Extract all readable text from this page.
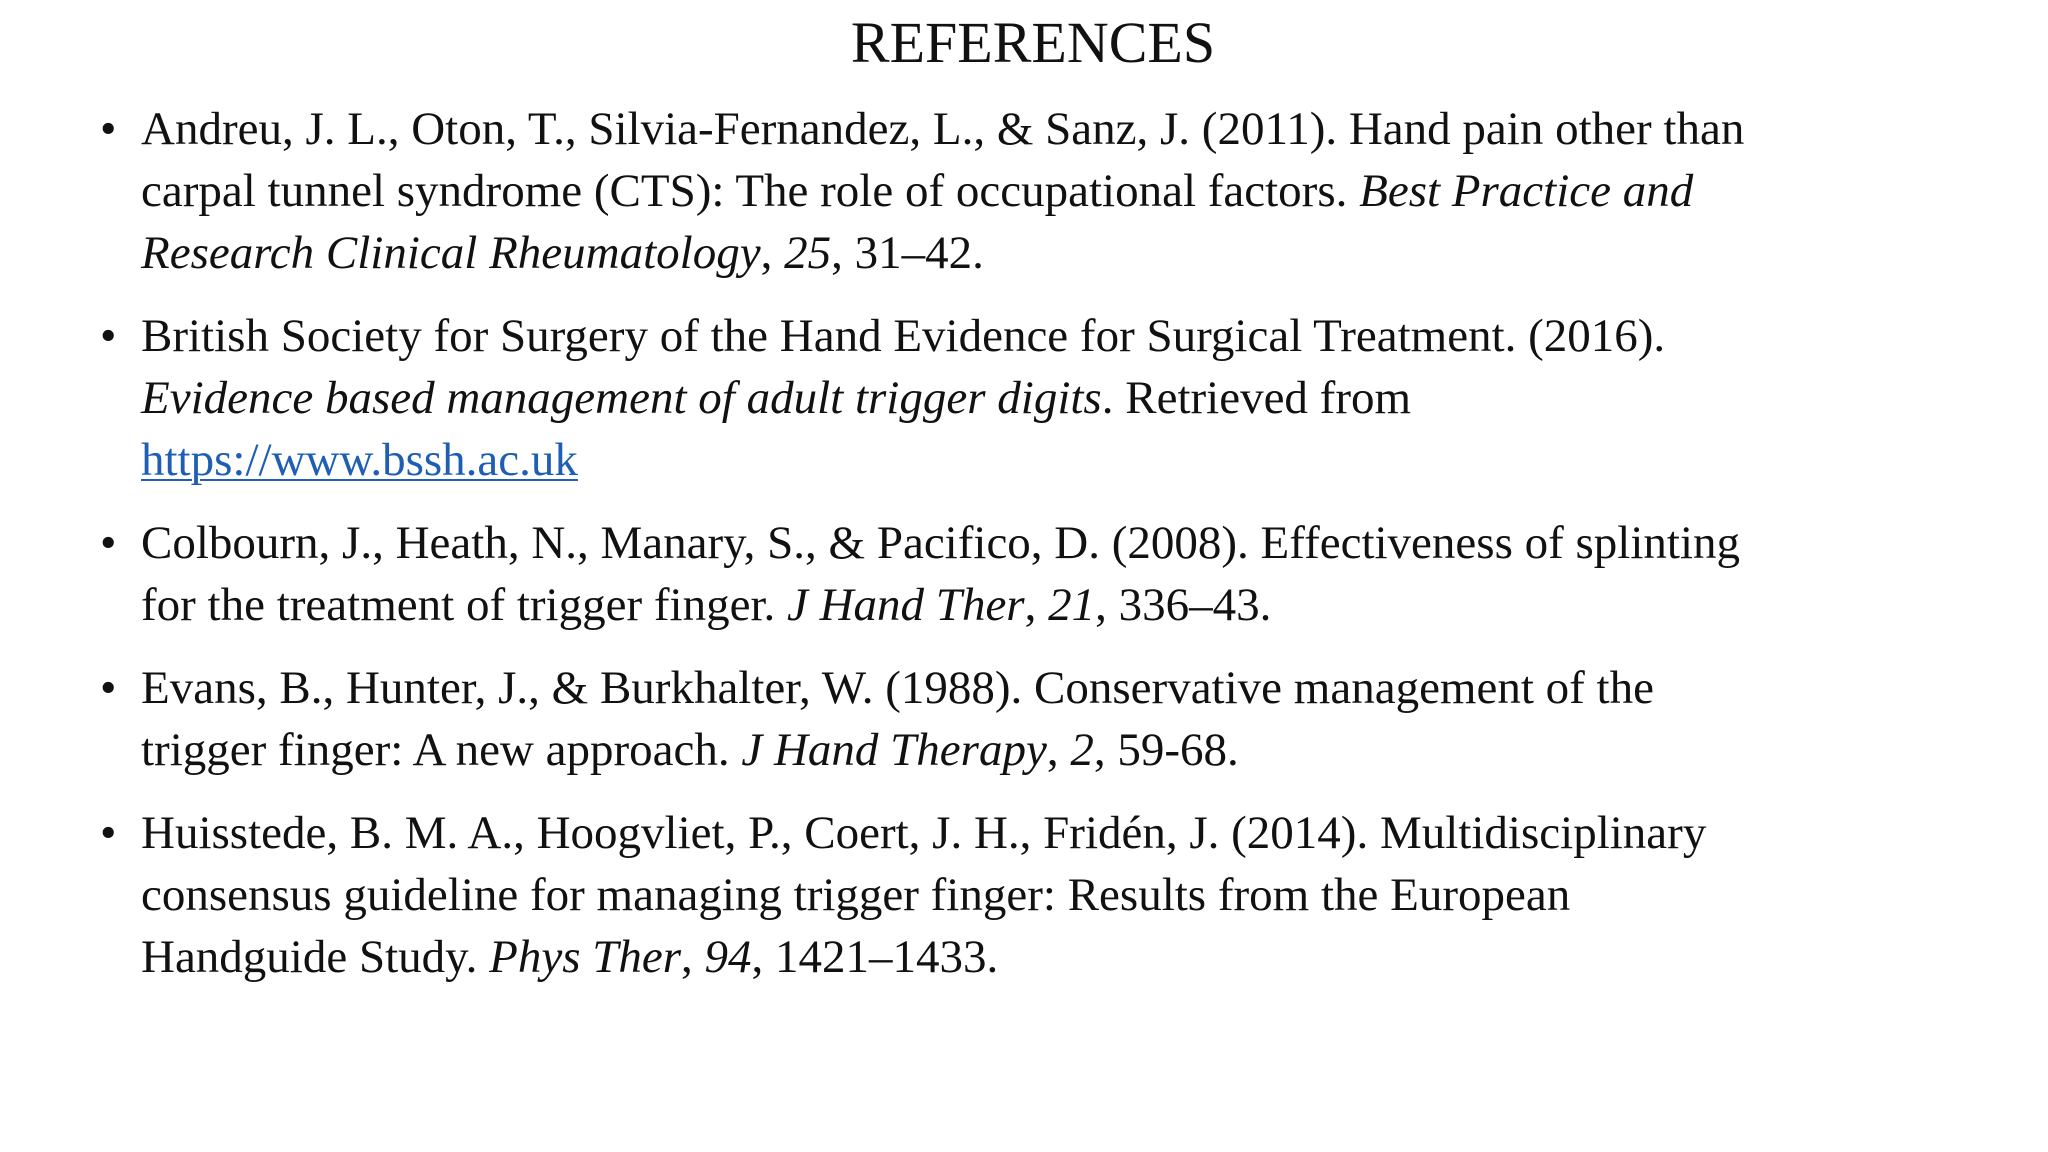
REFERENCES
• Andreu, J. L., Oton, T., Silvia-Fernandez, L., & Sanz, J. (2011). Hand pain other than
carpal tunnel syndrome (CTS): The role of occupational factors. Best Practice and
Research Clinical Rheumatology, 25, 31–42.
• British Society for Surgery of the Hand Evidence for Surgical Treatment. (2016).
Evidence based management of adult trigger digits. Retrieved from
https://www.bssh.ac.uk
• Colbourn, J., Heath, N., Manary, S., & Pacifico, D. (2008). Effectiveness of splinting
for the treatment of trigger finger. J Hand Ther, 21, 336–43.
• Evans, B., Hunter, J., & Burkhalter, W. (1988). Conservative management of the
trigger finger: A new approach. J Hand Therapy, 2, 59-68.
• Huisstede, B. M. A., Hoogvliet, P., Coert, J. H., Fridén, J. (2014). Multidisciplinary
consensus guideline for managing trigger finger: Results from the European
Handguide Study. Phys Ther, 94, 1421–1433.
